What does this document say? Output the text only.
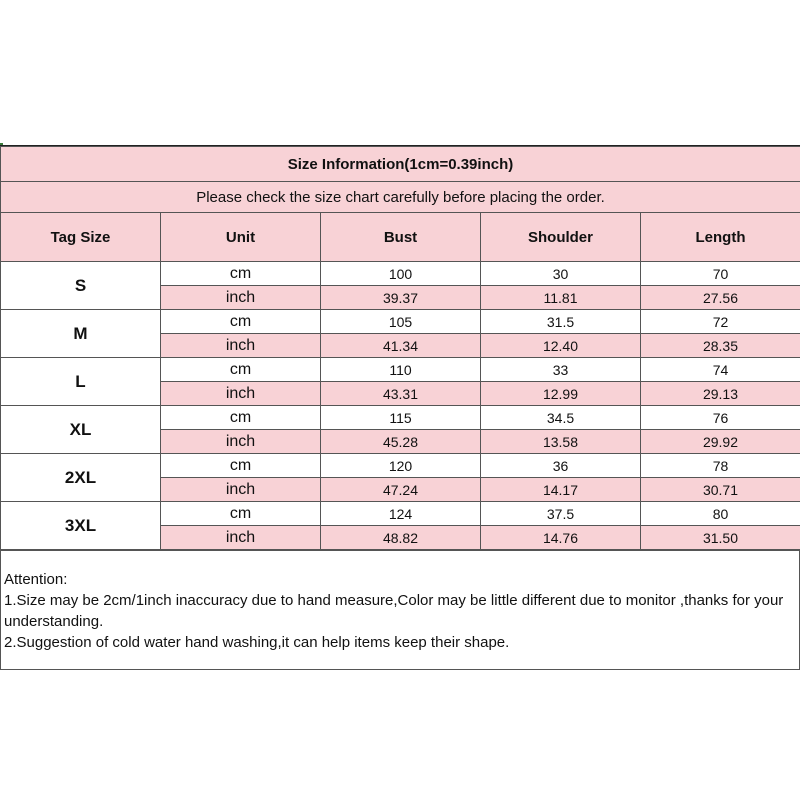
Size Information(1cm=0.39inch)				
Please check the size chart carefully before placing the order.				
Tag Size	Unit	Bust	Shoulder	Length
S	cm	100	30	70
	inch	39.37	11.81	27.56
M	cm	105	31.5	72
	inch	41.34	12.40	28.35
L	cm	110	33	74
	inch	43.31	12.99	29.13
XL	cm	115	34.5	76
	inch	45.28	13.58	29.92
2XL	cm	120	36	78
	inch	47.24	14.17	30.71
3XL	cm	124	37.5	80
	inch	48.82	14.76	31.50

Attention:

1.Size may be 2cm/1inch inaccuracy due to hand measure,Color may be little different due to monitor ,thanks for your understanding.

2.Suggestion of cold water hand washing,it can help items keep their shape.
